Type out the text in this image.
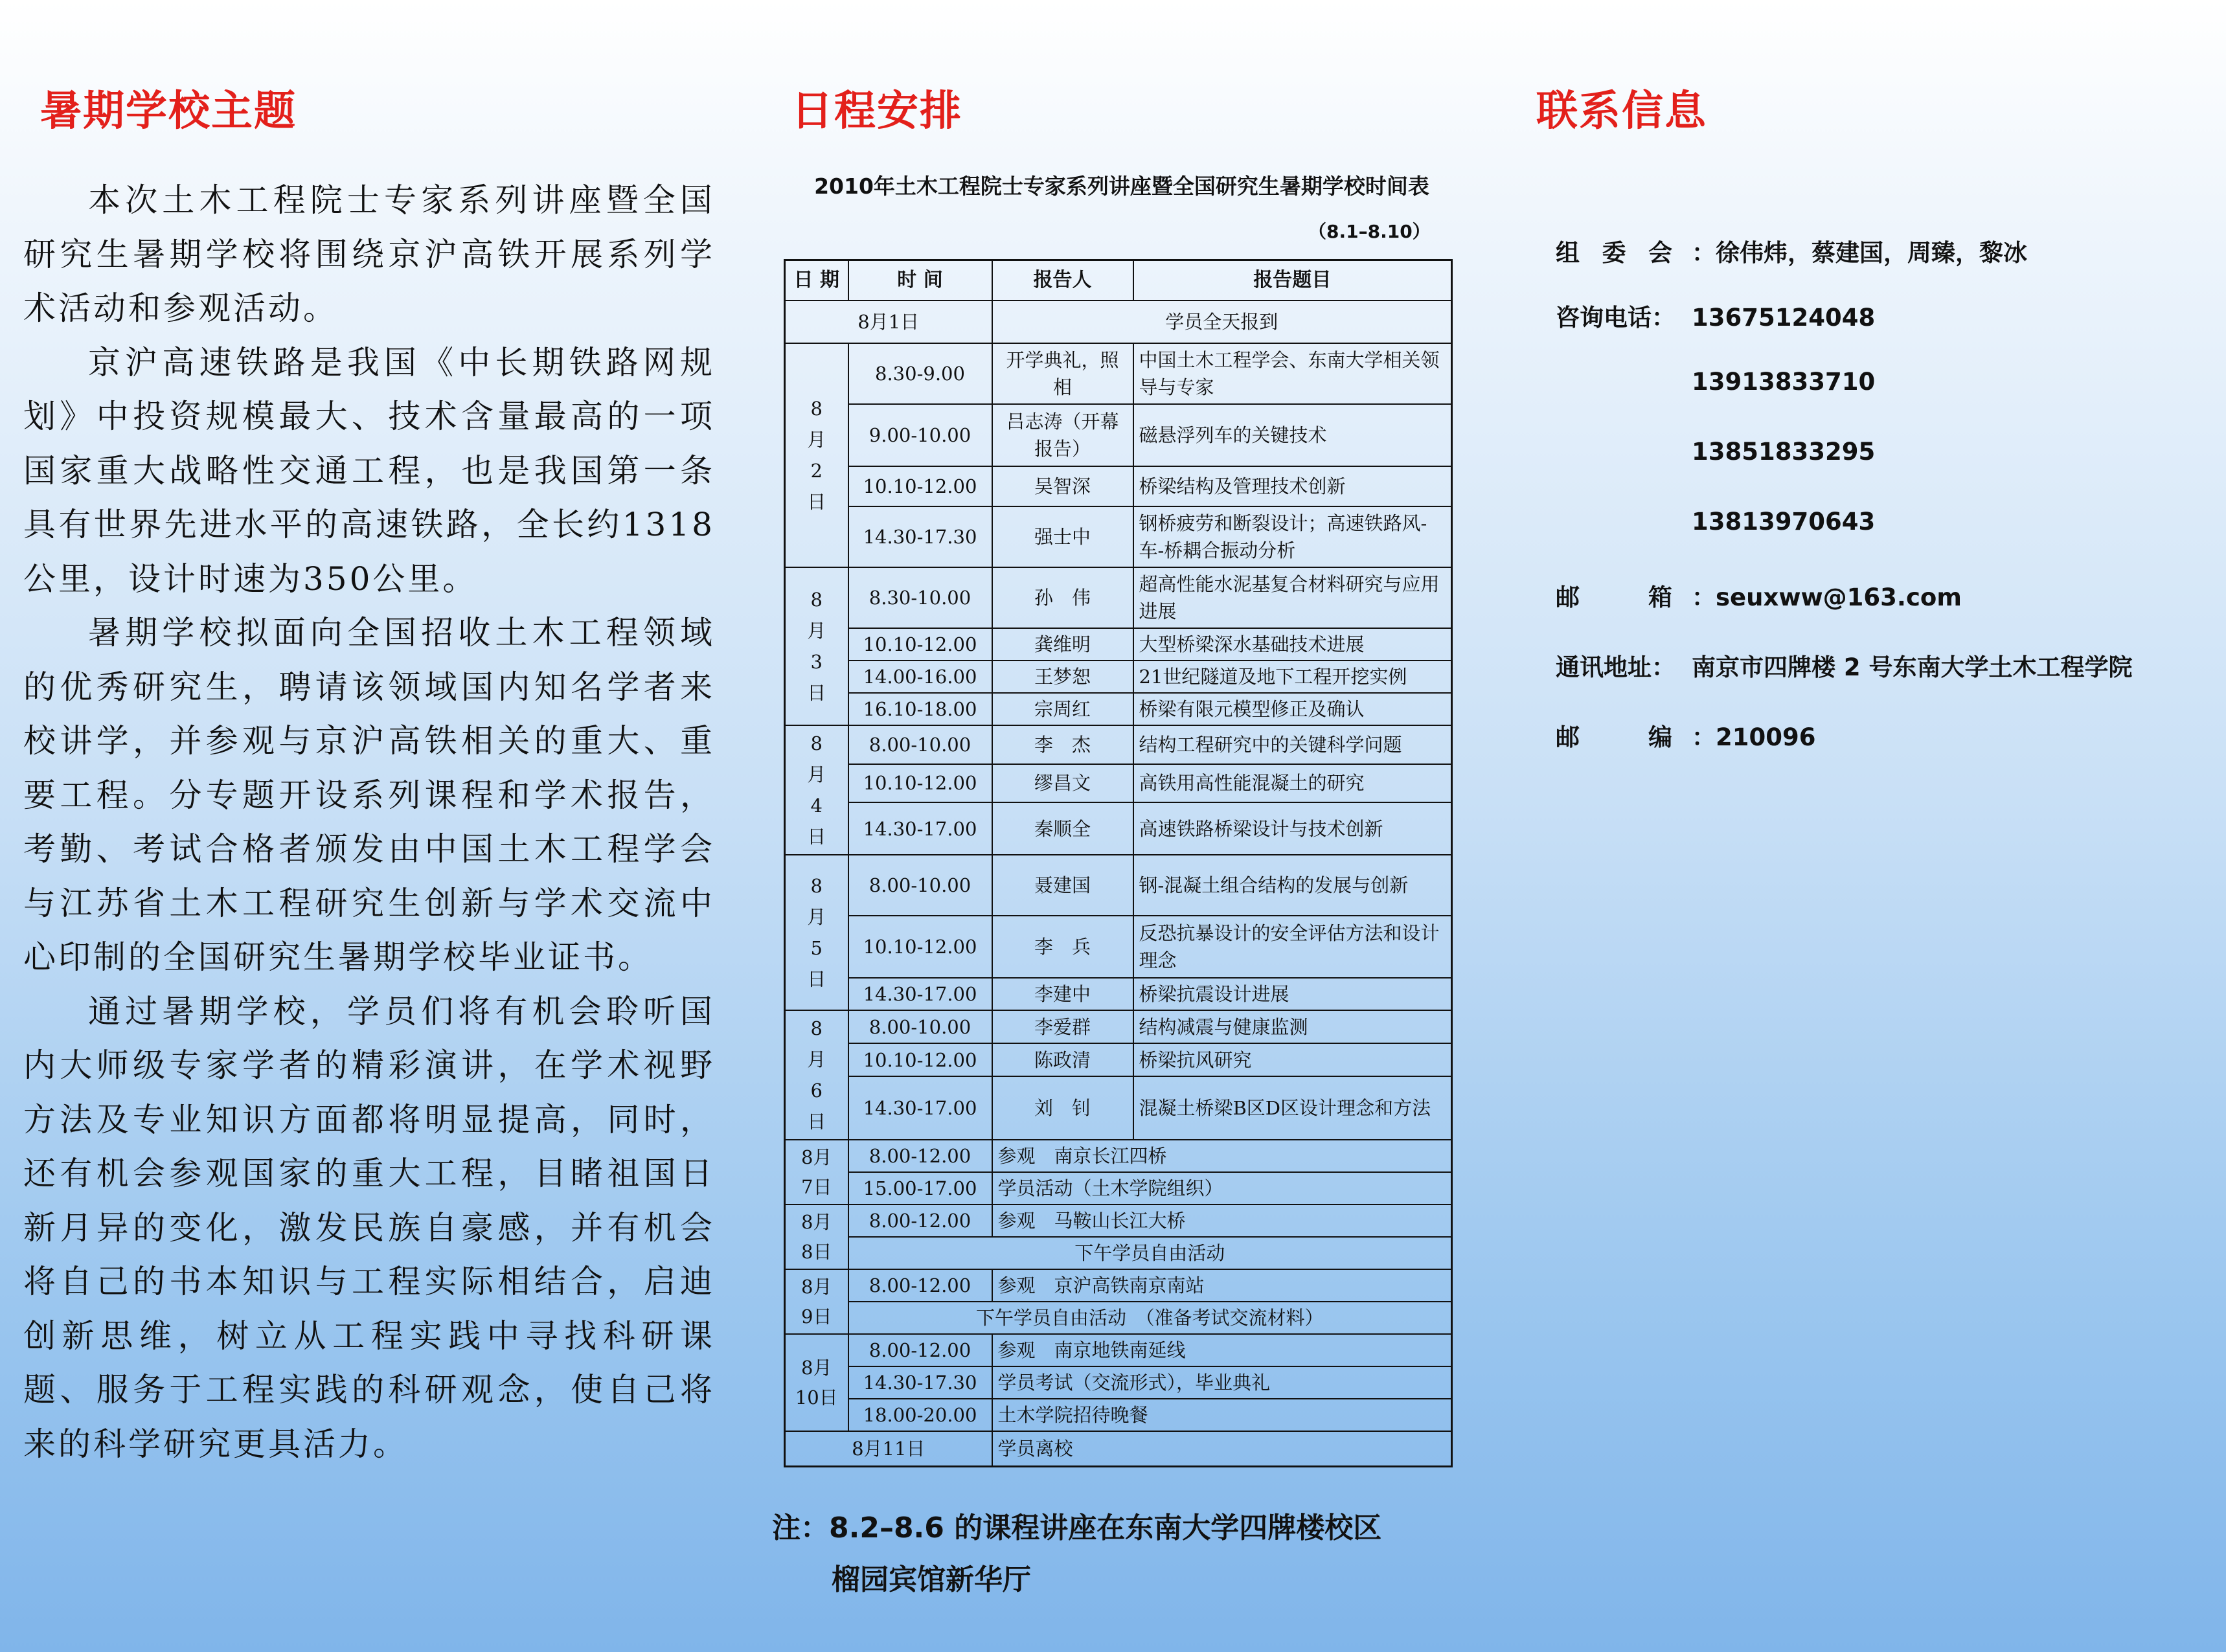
暑期学校主题

本次土木工程院士专家系列讲座暨全国研究生暑期学校将围绕京沪高铁开展系列学术活动和参观活动。

京沪高速铁路是我国《中长期铁路网规划》中投资规模最大、技术含量最高的一项国家重大战略性交通工程，也是我国第一条具有世界先进水平的高速铁路，全长约1318公里，设计时速为350公里。

暑期学校拟面向全国招收土木工程领域的优秀研究生，聘请该领域国内知名学者来校讲学，并参观与京沪高铁相关的重大、重要工程。分专题开设系列课程和学术报告，考勤、考试合格者颁发由中国土木工程学会与江苏省土木工程研究生创新与学术交流中心印制的全国研究生暑期学校毕业证书。

通过暑期学校，学员们将有机会聆听国内大师级专家学者的精彩演讲，在学术视野方法及专业知识方面都将明显提高，同时，还有机会参观国家的重大工程，目睹祖国日新月异的变化，激发民族自豪感，并有机会将自己的书本知识与工程实际相结合，启迪创新思维，树立从工程实践中寻找科研课题、服务于工程实践的科研观念，使自己将来的科学研究更具活力。

日程安排

2010年土木工程院士专家系列讲座暨全国研究生暑期学校时间表

（8.1–8.10）

日 期	时 间	报告人	报告题目
8月1日		学员全天报到	

8
月
2
日	8.30-9.00	开学典礼，照相	中国土木工程学会、东南大学相关领导与专家
	9.00-10.00	吕志涛（开幕报告）	磁悬浮列车的关键技术
	10.10-12.00	吴智深	桥梁结构及管理技术创新
	14.30-17.30	强士中	钢桥疲劳和断裂设计；高速铁路风-车-桥耦合振动分析

8
月
3
日	8.30-10.00	孙　伟	超高性能水泥基复合材料研究与应用进展
	10.10-12.00	龚维明	大型桥梁深水基础技术进展
	14.00-16.00	王梦恕	21世纪隧道及地下工程开挖实例
	16.10-18.00	宗周红	桥梁有限元模型修正及确认

8
月
4
日	8.00-10.00	李　杰	结构工程研究中的关键科学问题
	10.10-12.00	缪昌文	高铁用高性能混凝土的研究
	14.30-17.00	秦顺全	高速铁路桥梁设计与技术创新

8
月
5
日	8.00-10.00	聂建国	钢-混凝土组合结构的发展与创新
	10.10-12.00	李　兵	反恐抗暴设计的安全评估方法和设计理念
	14.30-17.00	李建中	桥梁抗震设计进展

8
月
6
日	8.00-10.00	李爱群	结构减震与健康监测
	10.10-12.00	陈政清	桥梁抗风研究
	14.30-17.00	刘　钊	混凝土桥梁B区D区设计理念和方法

8月
7日	8.00-12.00	参观　南京长江四桥	
	15.00-17.00	学员活动（土木学院组织）	

8月
8日	8.00-12.00	参观　马鞍山长江大桥	
	下午学员自由活动		

8月
9日	8.00-12.00	参观　京沪高铁南京南站	
	下午学员自由活动　（准备考试交流材料）		

8月
10日	8.00-12.00	参观　南京地铁南延线	
	14.30-17.30	学员考试（交流形式），毕业典礼	
	18.00-20.00	土木学院招待晚餐	
8月11日		学员离校	

注：8.2–8.6 的课程讲座在东南大学四牌楼校区
榴园宾馆新华厅

联系信息
组 委 会 ：徐伟炜，蔡建国，周臻，黎冰
咨询电话： 13675124048
13913833710
13851833295
13813970643
邮	箱 ：seuxww@163.com
通讯地址： 南京市四牌楼 2 号东南大学土木工程学院
邮	编 ：210096
